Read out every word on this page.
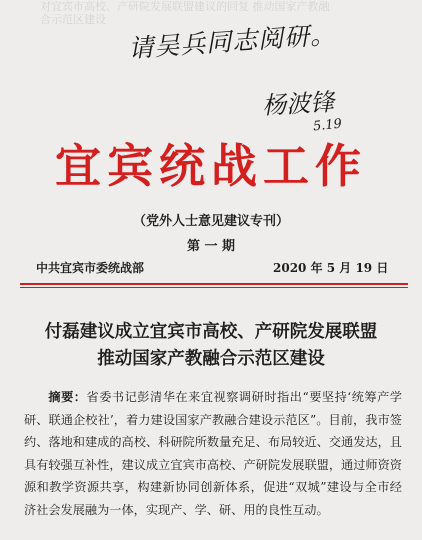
对宜宾市高校、产研院发展联盟建议的回复 推动国家产教融合示范区建设
请吴兵同志阅研。
杨波锋
5.19
宜宾统战工作
（党外人士意见建议专刊）
第 一 期
中共宜宾市委统战部	2020 年 5 月 19 日
付磊建议成立宜宾市高校、产研院发展联盟
推动国家产教融合示范区建设

摘要：省委书记彭清华在来宜视察调研时指出“要坚持‘统筹产学研、联通企校社’，着力建设国家产教融合建设示范区”。目前，我市签约、落地和建成的高校、科研院所数量充足、布局较近、交通发达，且具有较强互补性，建议成立宜宾市高校、产研院发展联盟，通过师资资源和教学资源共享，构建新协同创新体系，促进“双城”建设与全市经济社会发展融为一体，实现产、学、研、用的良性互动。
